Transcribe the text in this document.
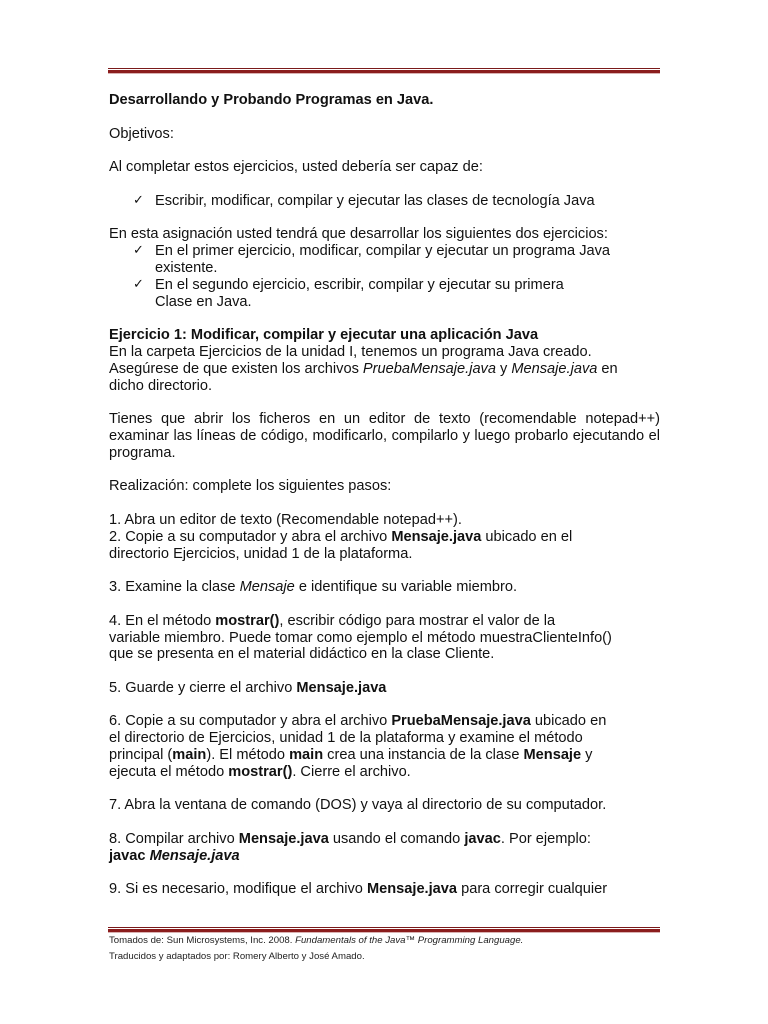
Desarrollando y Probando Programas en Java.

Objetivos:

Al completar estos ejercicios, usted debería ser capaz de:

✓ Escribir, modificar, compilar y ejecutar las clases de tecnología Java

En esta asignación usted tendrá que desarrollar los siguientes dos ejercicios:

✓ En el primer ejercicio, modificar, compilar y ejecutar un programa Java
existente.
✓ En el segundo ejercicio, escribir, compilar y ejecutar su primera
Clase en Java.

Ejercicio 1: Modificar, compilar y ejecutar una aplicación Java

En la carpeta Ejercicios de la unidad I, tenemos un programa Java creado.
Asegúrese de que existen los archivos PruebaMensaje.java y Mensaje.java en
dicho directorio.

Tienes que abrir los ficheros en un editor de texto (recomendable notepad++) examinar las líneas de código, modificarlo, compilarlo y luego probarlo ejecutando el programa.

Realización: complete los siguientes pasos:

1. Abra un editor de texto (Recomendable notepad++).

2. Copie a su computador y abra el archivo Mensaje.java ubicado en el
directorio Ejercicios, unidad 1 de la plataforma.

3. Examine la clase Mensaje e identifique su variable miembro.

4. En el método mostrar(), escribir código para mostrar el valor de la
variable miembro. Puede tomar como ejemplo el método muestraClienteInfo()
que se presenta en el material didáctico en la clase Cliente.

5. Guarde y cierre el archivo Mensaje.java

6. Copie a su computador y abra el archivo PruebaMensaje.java ubicado en
el directorio de Ejercicios, unidad 1 de la plataforma y examine el método
principal (main). El método main crea una instancia de la clase Mensaje y
ejecuta el método mostrar(). Cierre el archivo.

7. Abra la ventana de comando (DOS) y vaya al directorio de su computador.

8. Compilar archivo Mensaje.java usando el comando javac. Por ejemplo:
javac Mensaje.java

9. Si es necesario, modifique el archivo Mensaje.java para corregir cualquier

Tomados de: Sun Microsystems, Inc. 2008. Fundamentals of the Java™ Programming Language.

Traducidos y adaptados por: Romery Alberto y José Amado.
